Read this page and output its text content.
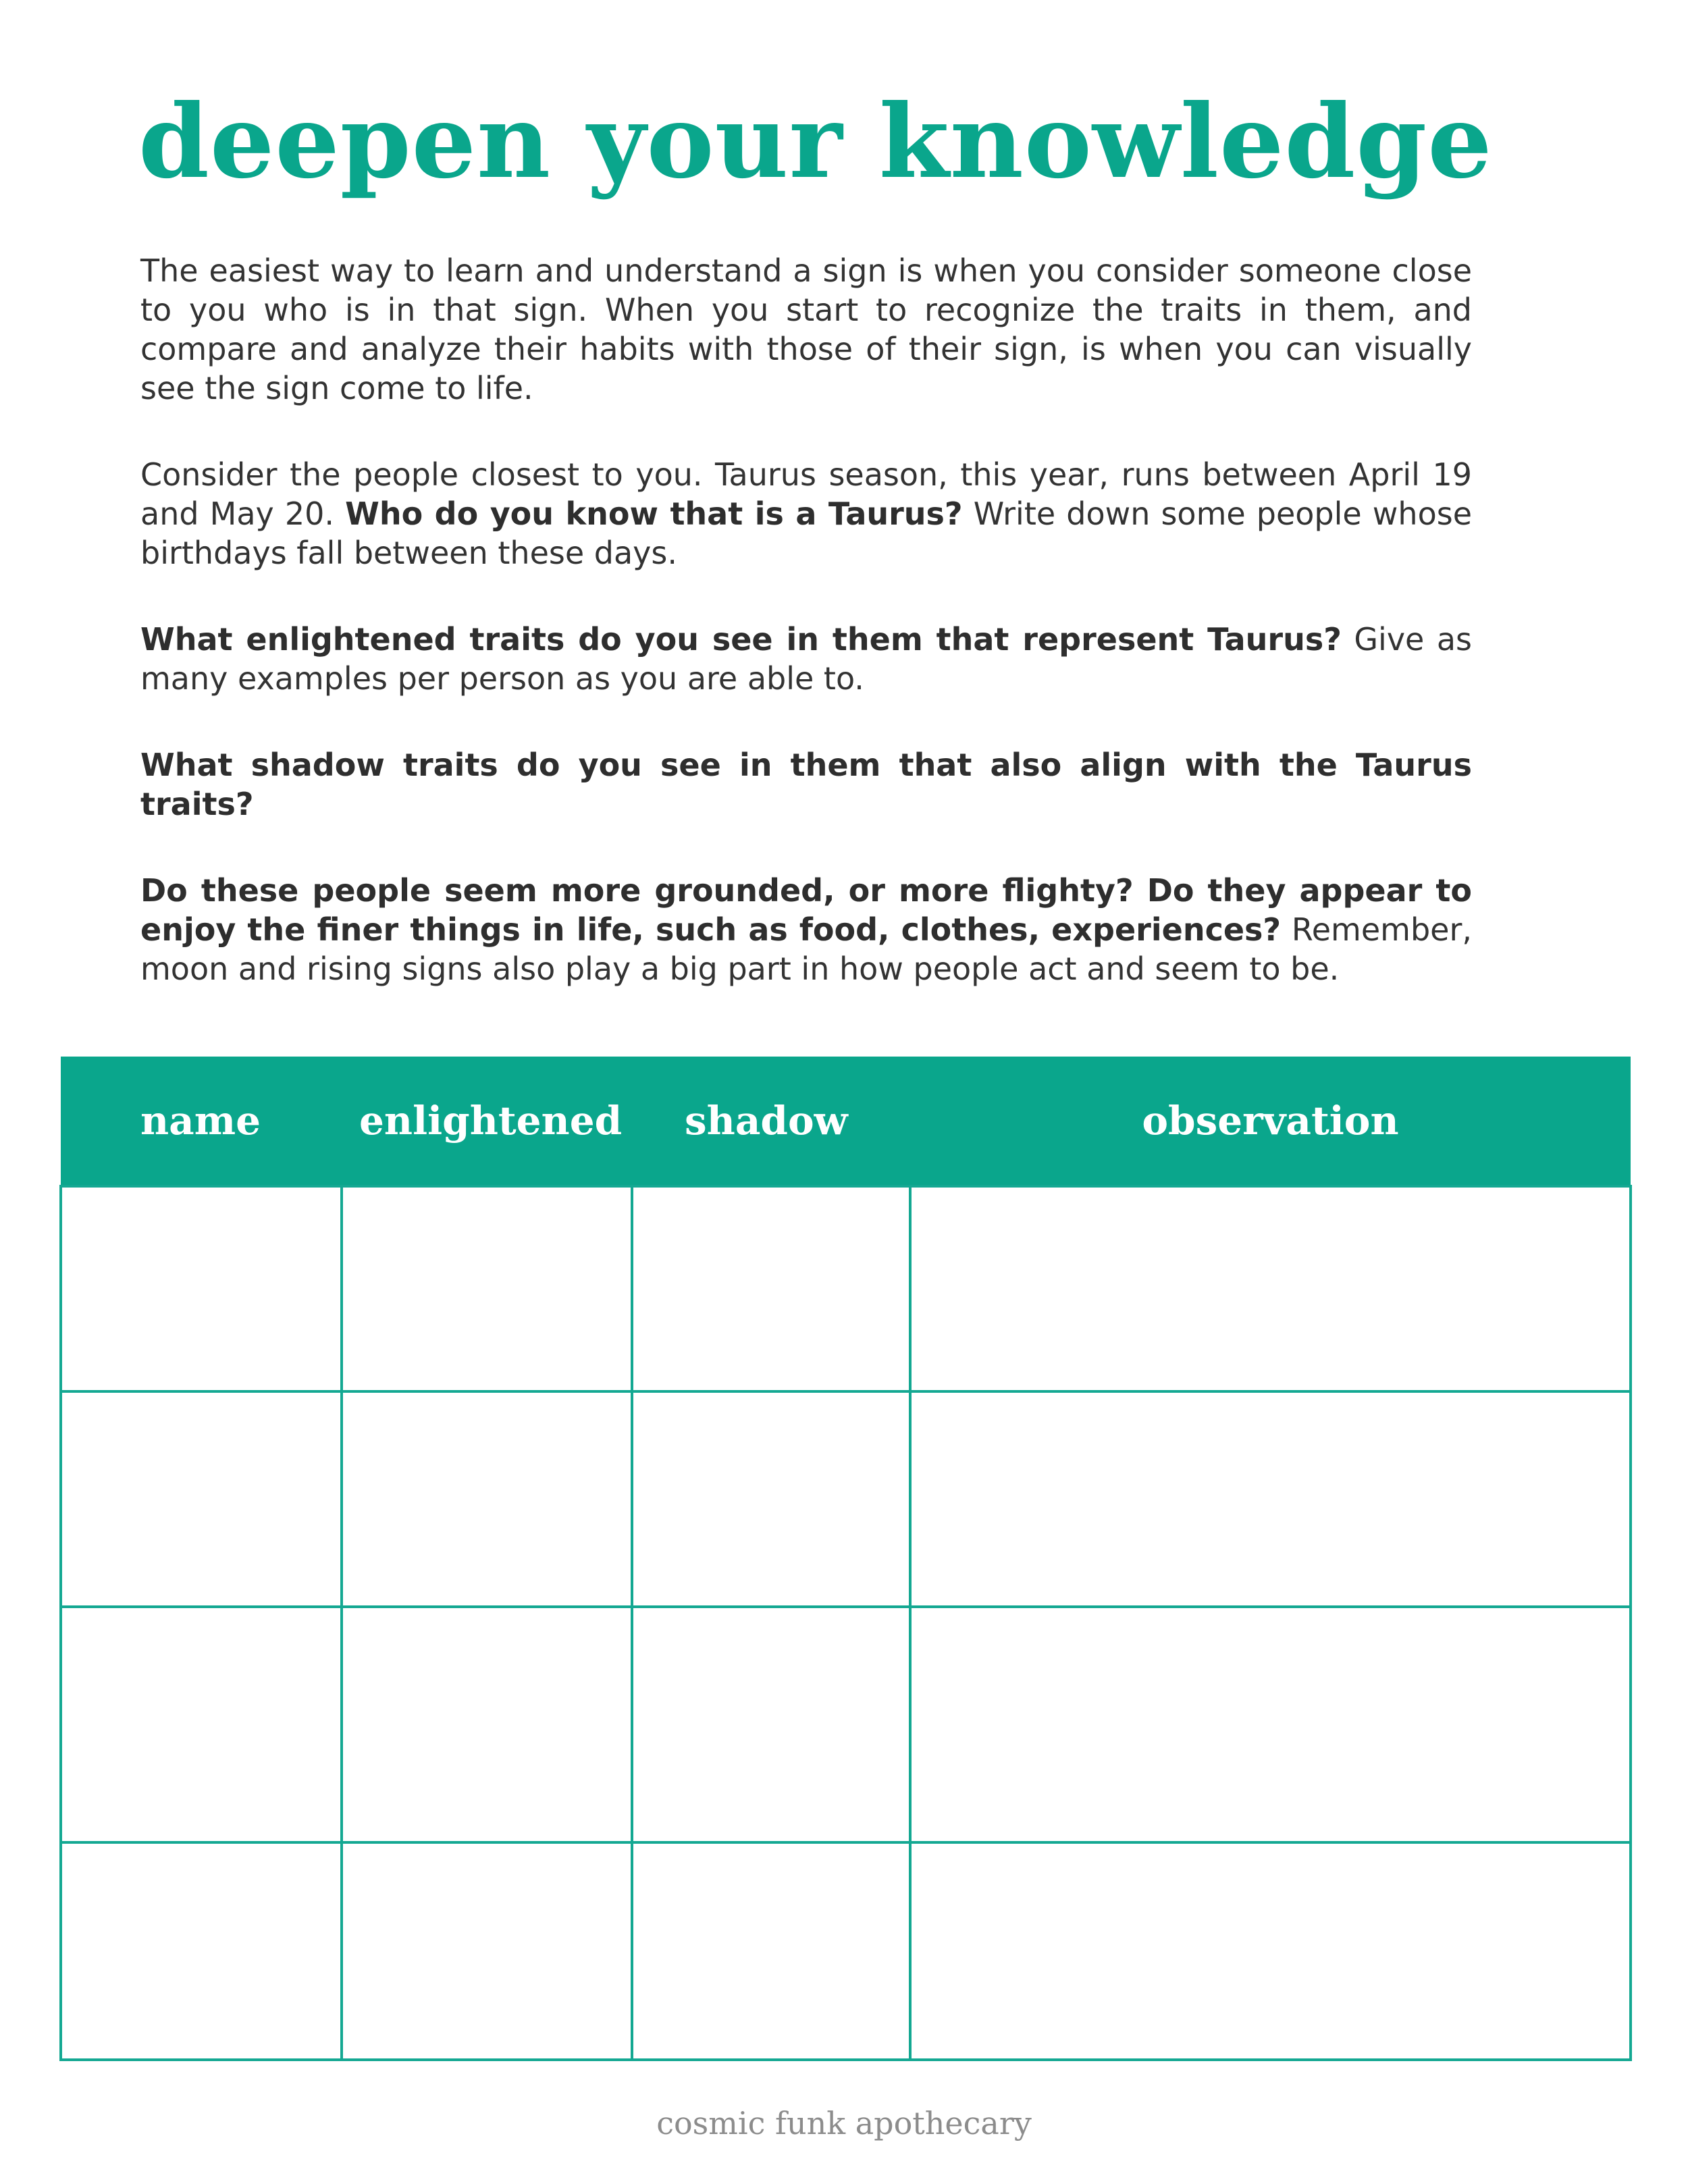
deepen your knowledge

The easiest way to learn and understand a sign is when you consider someone close to you who is in that sign. When you start to recognize the traits in them, and compare and analyze their habits with those of their sign, is when you can visually see the sign come to life.

Consider the people closest to you. Taurus season, this year, runs between April 19 and May 20. Who do you know that is a Taurus? Write down some people whose birthdays fall between these days.

What enlightened traits do you see in them that represent Taurus? Give as many examples per person as you are able to.

What shadow traits do you see in them that also align with the Taurus traits?

Do these people seem more grounded, or more flighty? Do they appear to enjoy the finer things in life, such as food, clothes, experiences? Remember, moon and rising signs also play a big part in how people act and seem to be.

name	enlightened	shadow	observation

cosmic funk apothecary
